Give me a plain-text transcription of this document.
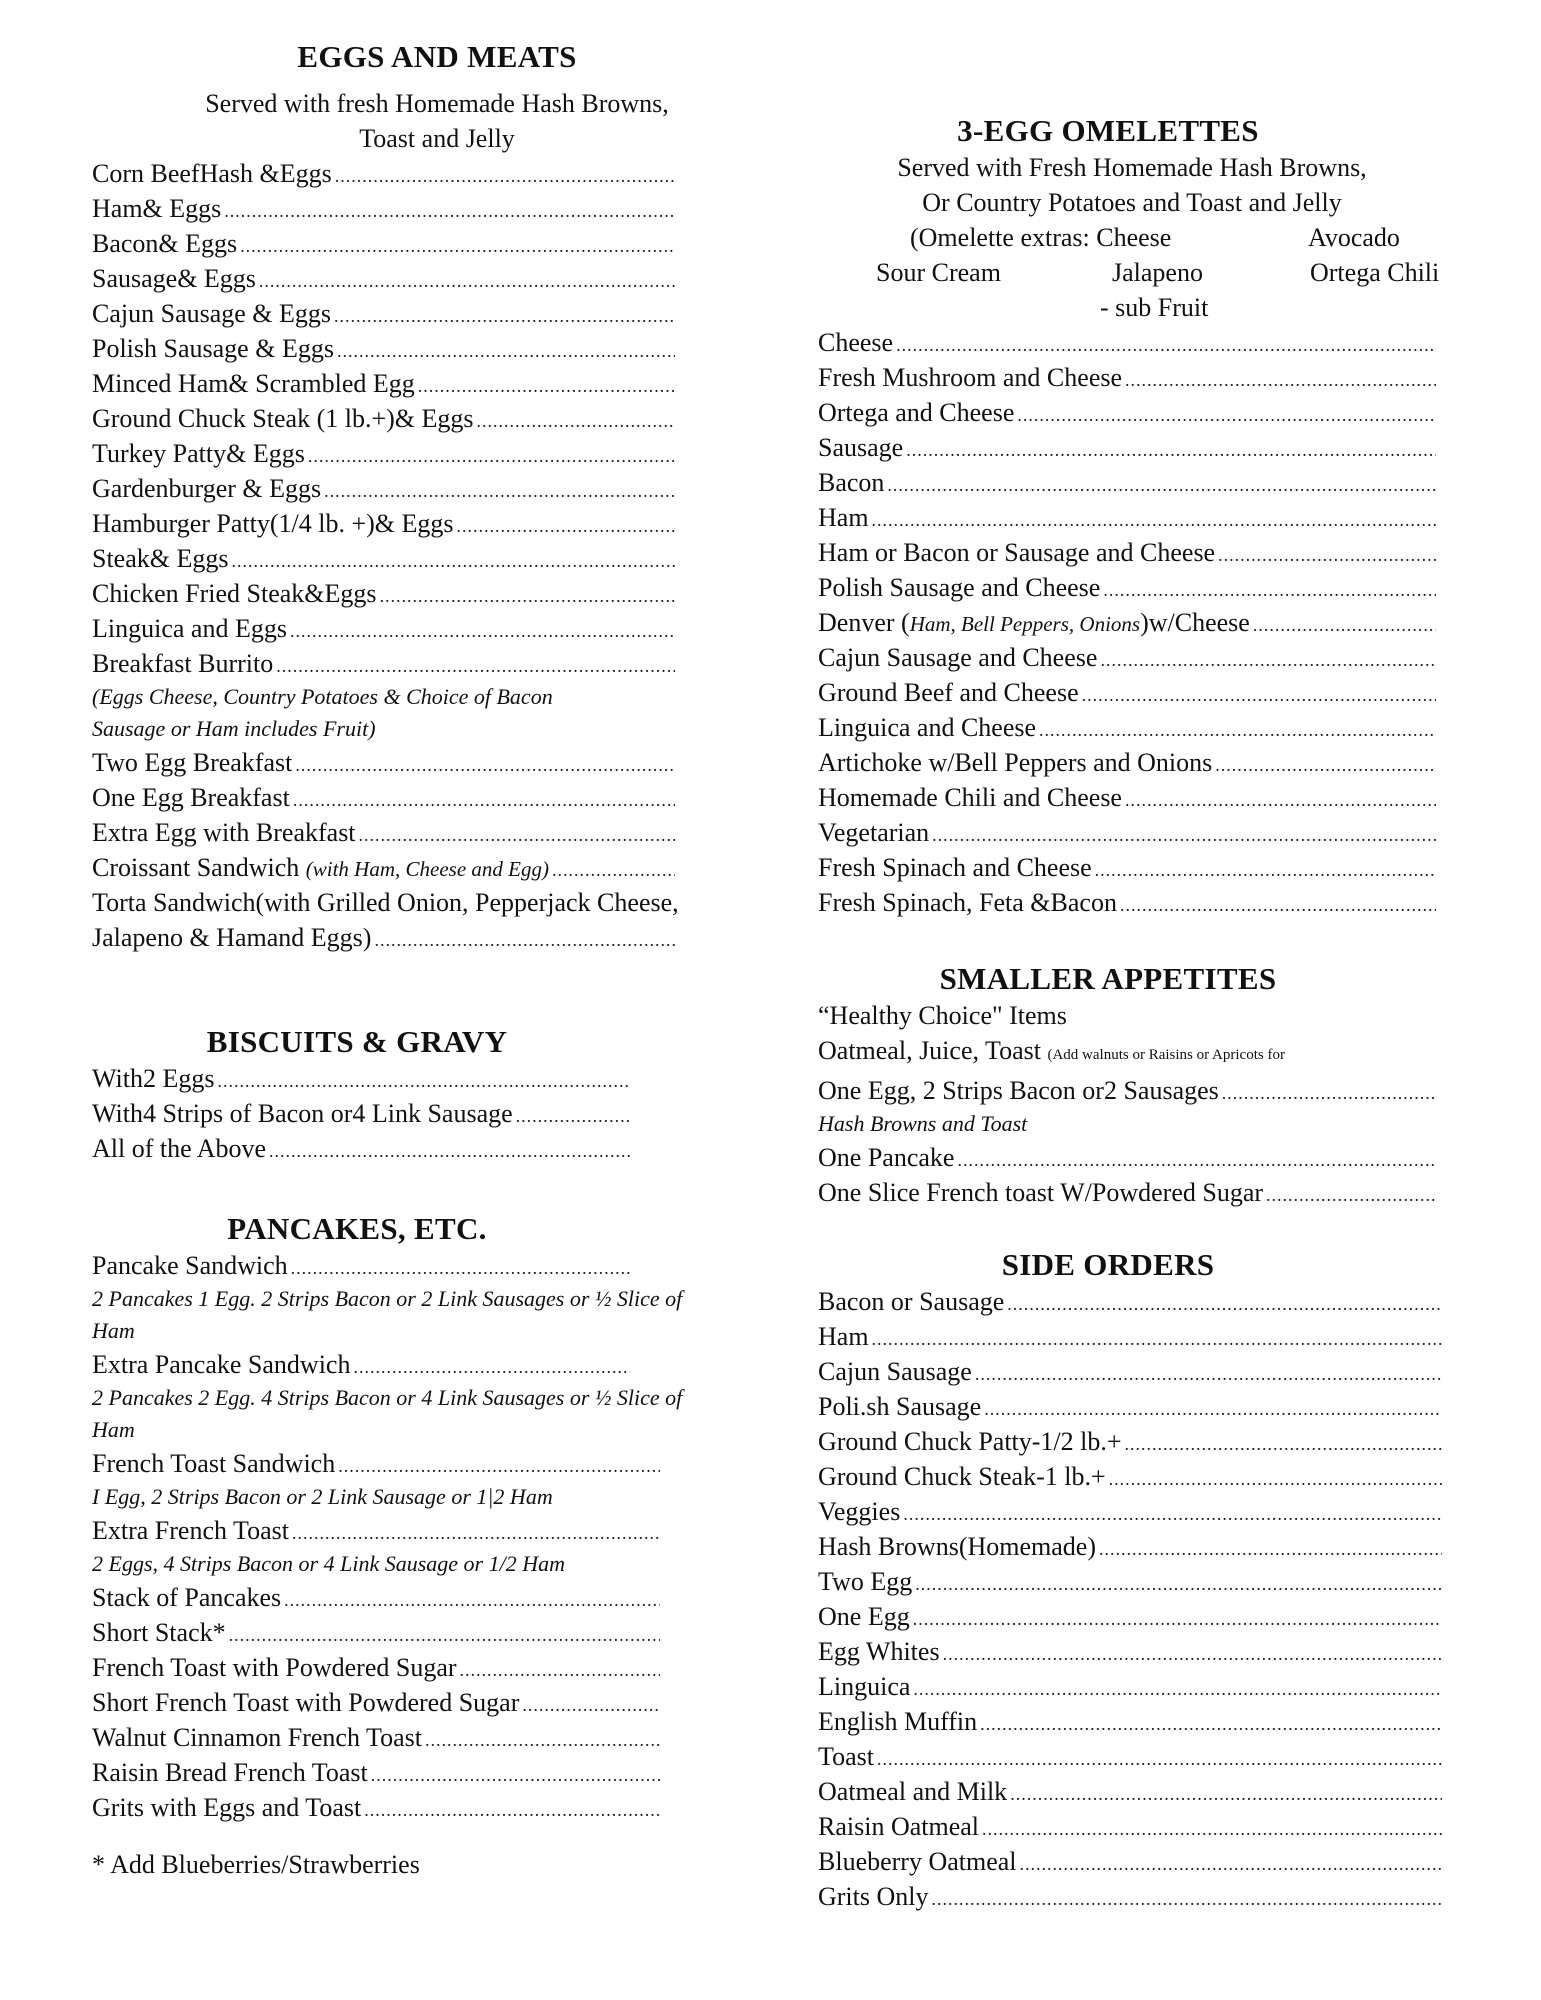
EGGS AND MEATS
Served with fresh Homemade Hash Browns,
Toast and Jelly
Corn BeefHash &Eggs
.....
Ham& Eggs
.....
Bacon& Eggs
.....
Sausage& Eggs
.....
Cajun Sausage & Eggs
.....
Polish Sausage & Eggs
.....
Minced Ham& Scrambled Egg
.....
Ground Chuck Steak (1 lb.+)& Eggs
.....
Turkey Patty& Eggs
.....
Gardenburger & Eggs
.....
Hamburger Patty(1/4 lb. +)& Eggs
.....
Steak& Eggs
.....
Chicken Fried Steak&Eggs
.....
Linguica and Eggs
.....
Breakfast Burrito
.....
(Eggs Cheese, Country Potatoes & Choice of Bacon
Sausage or Ham includes Fruit)
Two Egg Breakfast
.....
One Egg Breakfast
.....
Extra Egg with Breakfast
.....
Croissant Sandwich (with Ham, Cheese and Egg)
.....
Torta Sandwich(with Grilled Onion, Pepperjack Cheese,
Jalapeno & Hamand Eggs)
.....
BISCUITS & GRAVY
With2 Eggs
.....
With4 Strips of Bacon or4 Link Sausage
.....
All of the Above
.....
PANCAKES, ETC.
Pancake Sandwich
.....
2 Pancakes 1 Egg. 2 Strips Bacon or 2 Link Sausages or ½ Slice of
Ham
Extra Pancake Sandwich
.....
2 Pancakes 2 Egg. 4 Strips Bacon or 4 Link Sausages or ½ Slice of
Ham
French Toast Sandwich
.....
I Egg, 2 Strips Bacon or 2 Link Sausage or 1|2 Ham
Extra French Toast
.....
2 Eggs, 4 Strips Bacon or 4 Link Sausage or 1/2 Ham
Stack of Pancakes
.....
Short Stack*
.....
French Toast with Powdered Sugar
.....
Short French Toast with Powdered Sugar
.....
Walnut Cinnamon French Toast
.....
Raisin Bread French Toast
.....
Grits with Eggs and Toast
.....
* Add Blueberries/Strawberries
3-EGG OMELETTES
Served with Fresh Homemade Hash Browns,
Or Country Potatoes and Toast and Jelly
(Omelette extras: Cheese	Avocado
Sour Cream	Jalapeno	Ortega Chili
- sub Fruit
Cheese
.....
Fresh Mushroom and Cheese
.....
Ortega and Cheese
.....
Sausage
.....
Bacon
.....
Ham
.....
Ham or Bacon or Sausage and Cheese
.....
Polish Sausage and Cheese
.....
Denver (Ham, Bell Peppers, Onions)w/Cheese
.....
Cajun Sausage and Cheese
.....
Ground Beef and Cheese
.....
Linguica and Cheese
.....
Artichoke w/Bell Peppers and Onions
.....
Homemade Chili and Cheese
.....
Vegetarian
.....
Fresh Spinach and Cheese
.....
Fresh Spinach, Feta &Bacon
.....
SMALLER APPETITES
“Healthy Choice" Items
Oatmeal, Juice, Toast (Add walnuts or Raisins or Apricots for
One Egg, 2 Strips Bacon or2 Sausages
.....
Hash Browns and Toast
One Pancake
.....
One Slice French toast W/Powdered Sugar
.....
SIDE ORDERS
Bacon or Sausage
.....
Ham
.....
Cajun Sausage
.....
Poli.sh Sausage
.....
Ground Chuck Patty-1/2 lb.+
.....
Ground Chuck Steak-1 lb.+
.....
Veggies
.....
Hash Browns(Homemade)
.....
Two Egg
.....
One Egg
.....
Egg Whites
.....
Linguica
.....
English Muffin
.....
Toast
.....
Oatmeal and Milk
.....
Raisin Oatmeal
.....
Blueberry Oatmeal
.....
Grits Only
.....
